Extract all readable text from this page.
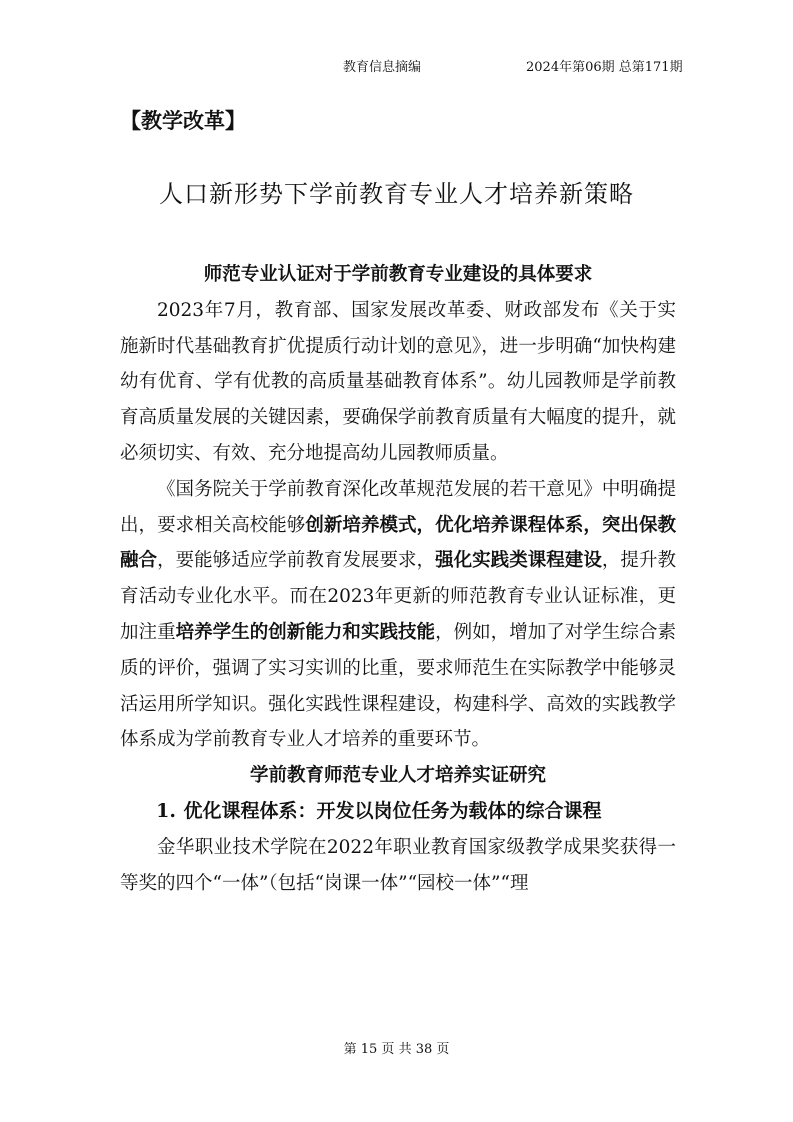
教育信息摘编	2024年第06期 总第171期
【教学改革】
人口新形势下学前教育专业人才培养新策略
师范专业认证对于学前教育专业建设的具体要求

2023年7月，教育部、国家发展改革委、财政部发布《关于实施新时代基础教育扩优提质行动计划的意见》，进一步明确“加快构建幼有优育、学有优教的高质量基础教育体系”。幼儿园教师是学前教育高质量发展的关键因素，要确保学前教育质量有大幅度的提升，就必须切实、有效、充分地提高幼儿园教师质量。

《国务院关于学前教育深化改革规范发展的若干意见》中明确提出，要求相关高校能够创新培养模式，优化培养课程体系，突出保教融合，要能够适应学前教育发展要求，强化实践类课程建设，提升教育活动专业化水平。而在2023年更新的师范教育专业认证标准，更加注重培养学生的创新能力和实践技能，例如，增加了对学生综合素质的评价，强调了实习实训的比重，要求师范生在实际教学中能够灵活运用所学知识。强化实践性课程建设，构建科学、高效的实践教学体系成为学前教育专业人才培养的重要环节。

学前教育师范专业人才培养实证研究
1. 优化课程体系：开发以岗位任务为载体的综合课程

金华职业技术学院在2022年职业教育国家级教学成果奖获得一等奖的四个“一体”（包括“岗课一体”“园校一体”“理

第 15 页 共 38 页
